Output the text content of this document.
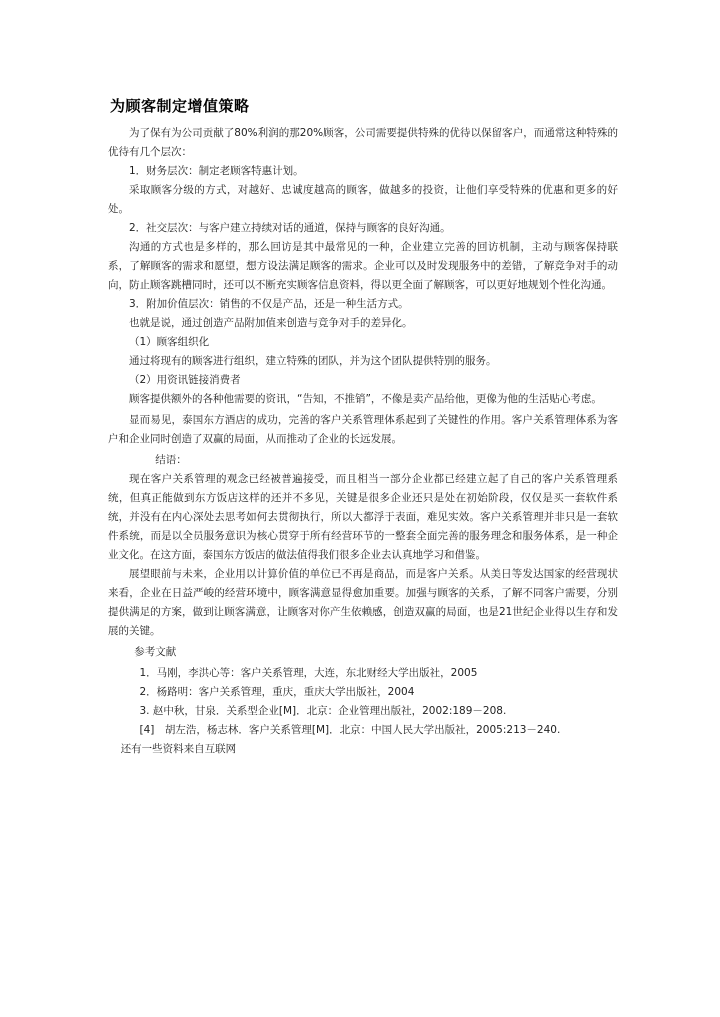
为顾客制定增值策略

为了保有为公司贡献了80%利润的那20%顾客，公司需要提供特殊的优待以保留客户，而通常这种特殊的优待有几个层次：

1．财务层次：制定老顾客特惠计划。

采取顾客分级的方式，对越好、忠诚度越高的顾客，做越多的投资，让他们享受特殊的优惠和更多的好处。

2．社交层次：与客户建立持续对话的通道，保持与顾客的良好沟通。

沟通的方式也是多样的，那么回访是其中最常见的一种，企业建立完善的回访机制，主动与顾客保持联系，了解顾客的需求和愿望，想方设法满足顾客的需求。企业可以及时发现服务中的差错，了解竞争对手的动向，防止顾客跳槽同时，还可以不断充实顾客信息资料，得以更全面了解顾客，可以更好地规划个性化沟通。

3．附加价值层次：销售的不仅是产品，还是一种生活方式。

也就是说，通过创造产品附加值来创造与竞争对手的差异化。

（1）顾客组织化

通过将现有的顾客进行组织，建立特殊的团队，并为这个团队提供特别的服务。

（2）用资讯链接消费者

顾客提供额外的各种他需要的资讯，“告知，不推销”，不像是卖产品给他，更像为他的生活贴心考虑。

显而易见，泰国东方酒店的成功，完善的客户关系管理体系起到了关键性的作用。客户关系管理体系为客户和企业同时创造了双赢的局面，从而推动了企业的长远发展。

结语：

现在客户关系管理的观念已经被普遍接受，而且相当一部分企业都已经建立起了自己的客户关系管理系统，但真正能做到东方饭店这样的还并不多见，关键是很多企业还只是处在初始阶段，仅仅是买一套软件系统，并没有在内心深处去思考如何去贯彻执行，所以大都浮于表面，难见实效。客户关系管理并非只是一套软件系统，而是以全员服务意识为核心贯穿于所有经营环节的一整套全面完善的服务理念和服务体系，是一种企业文化。在这方面，泰国东方饭店的做法值得我们很多企业去认真地学习和借鉴。

展望眼前与未来，企业用以计算价值的单位已不再是商品，而是客户关系。从美日等发达国家的经营现状来看，企业在日益严峻的经营环境中，顾客满意显得愈加重要。加强与顾客的关系，了解不同客户需要，分别提供满足的方案，做到让顾客满意，让顾客对你产生依赖感，创造双赢的局面，也是21世纪企业得以生存和发展的关键。

参考文献

1．马刚，李洪心等：客户关系管理，大连，东北财经大学出版社，2005

2．杨路明：客户关系管理，重庆，重庆大学出版社，2004

3. 赵中秋，甘泉．关系型企业[M]．北京：企业管理出版社，2002:189－208.

[4]　胡左浩，杨志林．客户关系管理[M]．北京：中国人民大学出版社，2005:213－240.

还有一些资料来自互联网
